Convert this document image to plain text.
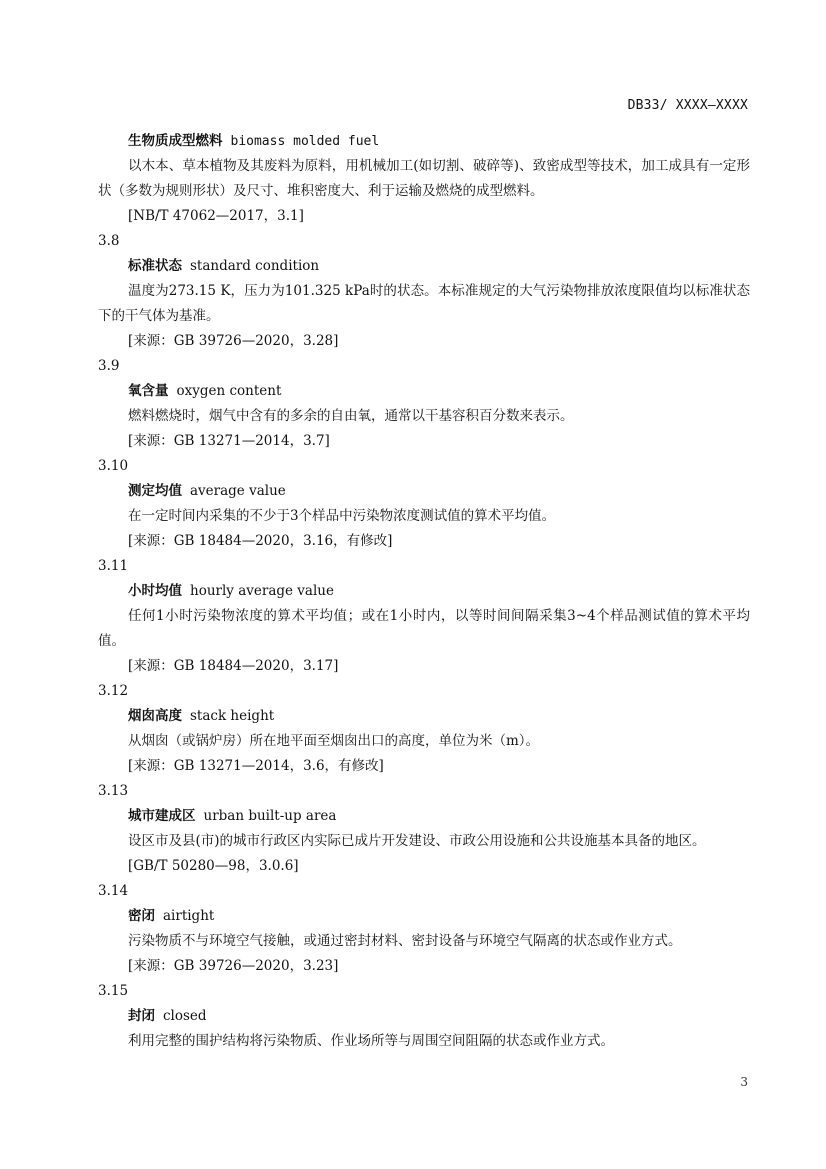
DB33/ XXXX—XXXX
生物质成型燃料 biomass molded fuel
以木本、草本植物及其废料为原料，用机械加工(如切割、破碎等)、致密成型等技术，加工成具有一定形状（多数为规则形状）及尺寸、堆积密度大、利于运输及燃烧的成型燃料。
[NB/T 47062—2017，3.1]
3.8
标准状态 standard condition
温度为273.15 K，压力为101.325 kPa时的状态。本标准规定的大气污染物排放浓度限值均以标准状态下的干气体为基准。
[来源：GB 39726—2020，3.28]
3.9
氧含量 oxygen content
燃料燃烧时，烟气中含有的多余的自由氧，通常以干基容积百分数来表示。
[来源：GB 13271—2014，3.7]
3.10
测定均值 average value
在一定时间内采集的不少于3个样品中污染物浓度测试值的算术平均值。
[来源：GB 18484—2020，3.16，有修改]
3.11
小时均值 hourly average value
任何1小时污染物浓度的算术平均值；或在1小时内，以等时间间隔采集3~4个样品测试值的算术平均值。
[来源：GB 18484—2020，3.17]
3.12
烟囱高度 stack height
从烟囱（或锅炉房）所在地平面至烟囱出口的高度，单位为米（m）。
[来源：GB 13271—2014，3.6，有修改]
3.13
城市建成区 urban built-up area
设区市及县(市)的城市行政区内实际已成片开发建设、市政公用设施和公共设施基本具备的地区。
[GB/T 50280—98，3.0.6]
3.14
密闭 airtight
污染物质不与环境空气接触，或通过密封材料、密封设备与环境空气隔离的状态或作业方式。
[来源：GB 39726—2020，3.23]
3.15
封闭 closed
利用完整的围护结构将污染物质、作业场所等与周围空间阻隔的状态或作业方式。
3
